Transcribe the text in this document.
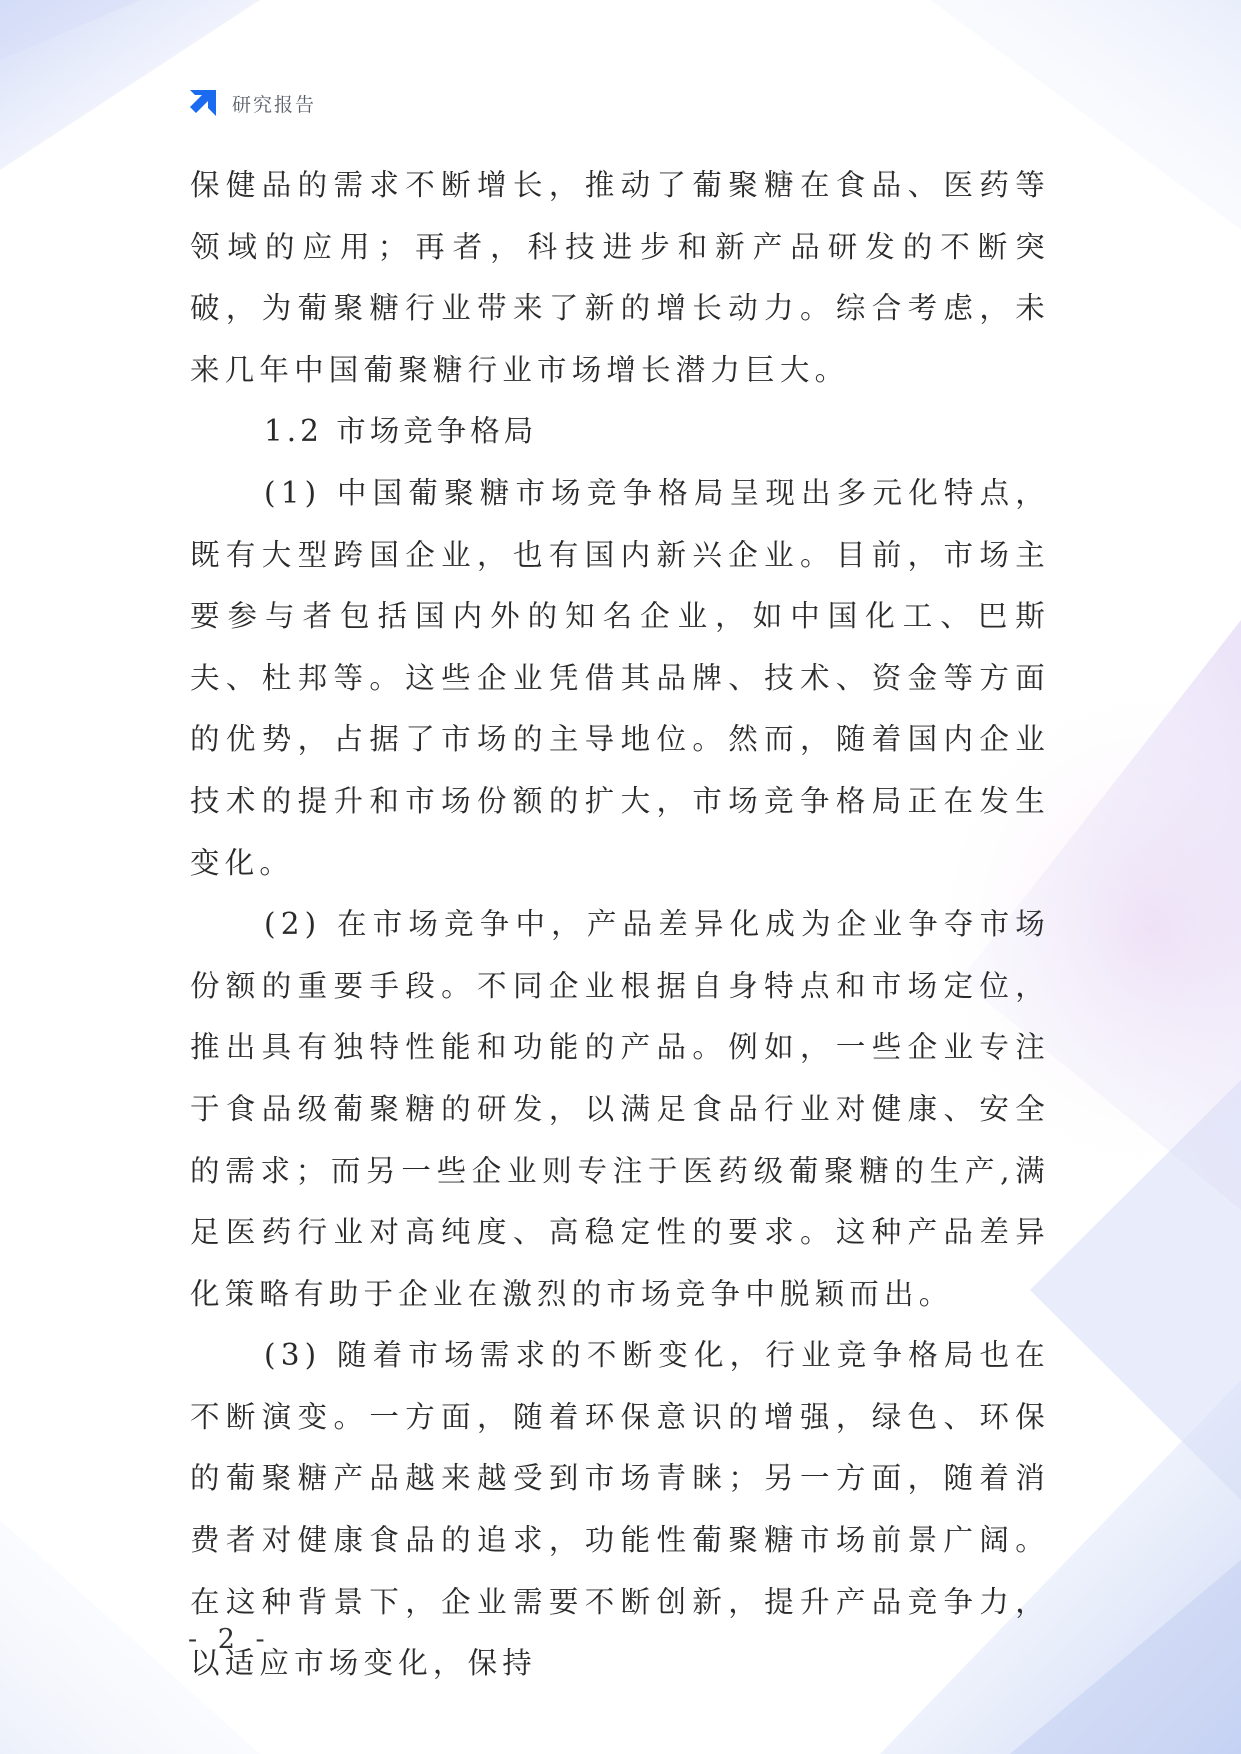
研究报告

保健品的需求不断增长，推动了葡聚糖在食品、医药等领域的应用；再者，科技进步和新产品研发的不断突破，为葡聚糖行业带来了新的增长动力。综合考虑，未来几年中国葡聚糖行业市场增长潜力巨大。

1.2 市场竞争格局

(1) 中国葡聚糖市场竞争格局呈现出多元化特点，既有大型跨国企业，也有国内新兴企业。目前，市场主要参与者包括国内外的知名企业，如中国化工、巴斯夫、杜邦等。这些企业凭借其品牌、技术、资金等方面的优势，占据了市场的主导地位。然而，随着国内企业技术的提升和市场份额的扩大，市场竞争格局正在发生变化。

(2) 在市场竞争中，产品差异化成为企业争夺市场份额的重要手段。不同企业根据自身特点和市场定位，推出具有独特性能和功能的产品。例如，一些企业专注于食品级葡聚糖的研发，以满足食品行业对健康、安全的需求；而另一些企业则专注于医药级葡聚糖的生产,满足医药行业对高纯度、高稳定性的要求。这种产品差异化策略有助于企业在激烈的市场竞争中脱颖而出。

(3) 随着市场需求的不断变化，行业竞争格局也在不断演变。一方面，随着环保意识的增强，绿色、环保的葡聚糖产品越来越受到市场青睐；另一方面，随着消费者对健康食品的追求，功能性葡聚糖市场前景广阔。在这种背景下，企业需要不断创新，提升产品竞争力，以适应市场变化，保持

- 2 -
